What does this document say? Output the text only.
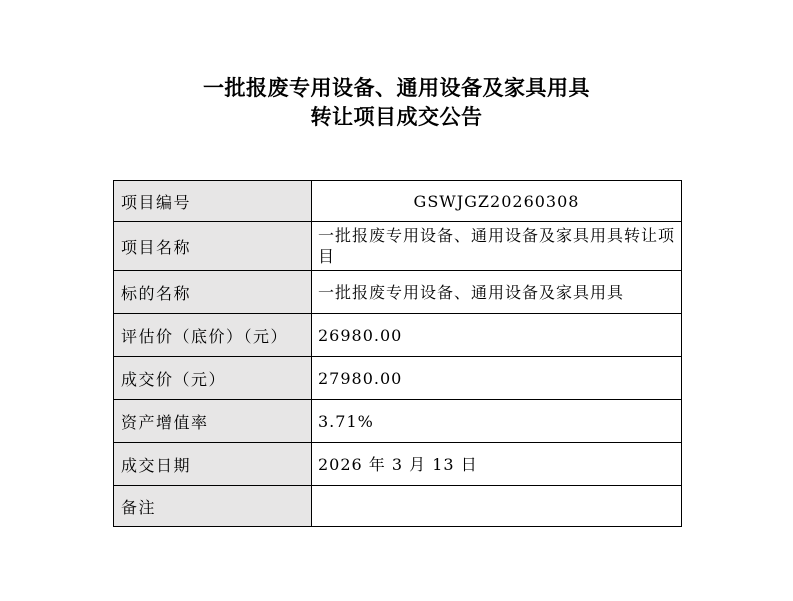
一批报废专用设备、通用设备及家具用具
转让项目成交公告
项目编号	GSWJGZ20260308
项目名称	一批报废专用设备、通用设备及家具用具转让项目
标的名称	一批报废专用设备、通用设备及家具用具
评估价（底价）（元）	26980.00
成交价（元）	27980.00
资产增值率	3.71%
成交日期	2026 年 3 月 13 日
备注	
